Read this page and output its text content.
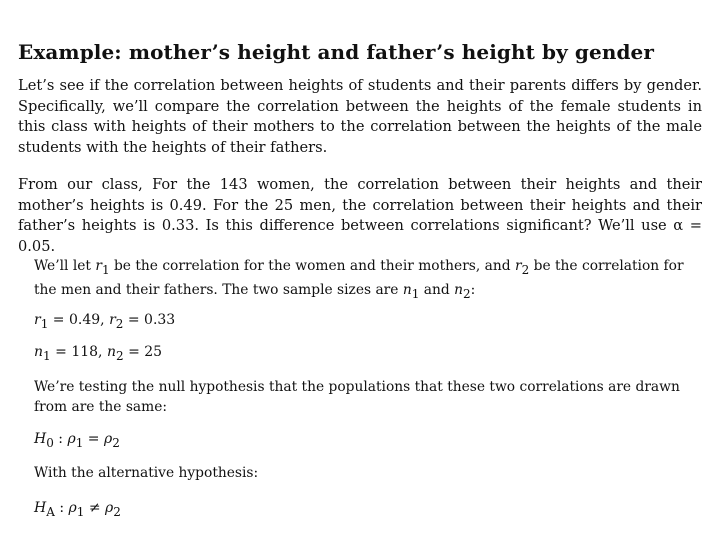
Example: mother’s height and father’s height by gender

Let’s see if the correlation between heights of students and their parents differs by gender. Specifically, we’ll compare the correlation between the heights of the female students in this class with heights of their mothers to the correlation between the heights of the male students with the heights of their fathers.

From our class, For the 143 women, the correlation between their heights and their mother’s heights is 0.49. For the 25 men, the correlation between their heights and their father’s heights is 0.33. Is this difference between correlations significant? We’ll use α = 0.05.

We’ll let $r_1$ be the correlation for the women and their mothers, and $r_2$ be the correlation for the men and their fathers. The two sample sizes are $n_1$ and $n_2$:

$r_1 = 0.49$, $r_2 = 0.33$
$n_1 = 118$, $n_2 = 25$

We’re testing the null hypothesis that the populations that these two correlations are drawn from are the same:

$H_0$ : $\rho_1 = \rho_2$

With the alternative hypothesis:

$H_A$ : $\rho_1 \ne \rho_2$
